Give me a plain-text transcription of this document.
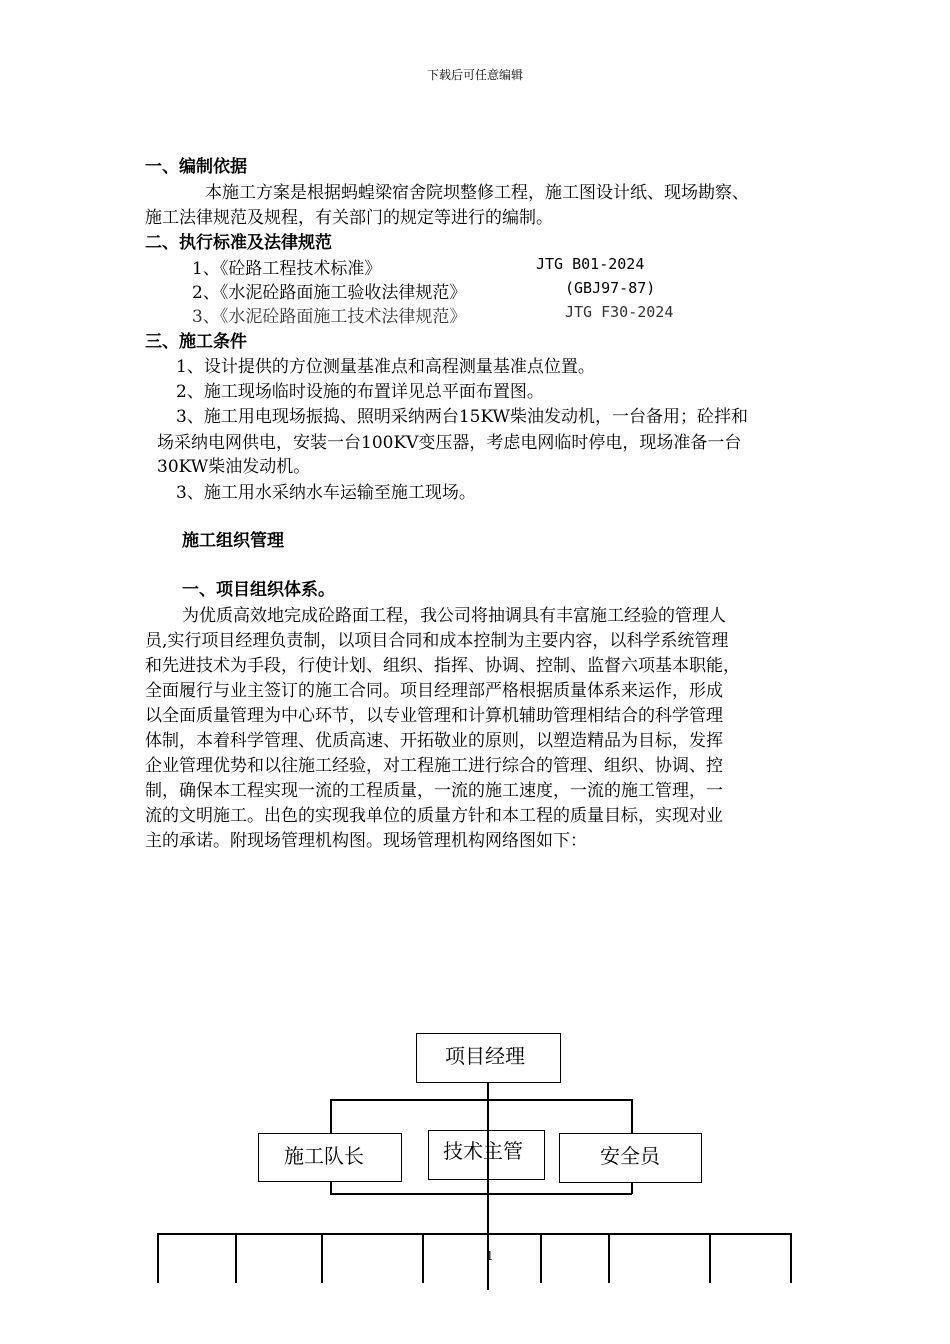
下载后可任意编辑
一、编制依据
本施工方案是根据蚂蝗梁宿舍院坝整修工程，施工图设计纸、现场勘察、
施工法律规范及规程，有关部门的规定等进行的编制。
二、执行标准及法律规范
1、《砼路工程技术标准》	JTG B01-2024
2、《水泥砼路面施工验收法律规范》	(GBJ97-87)
3、《水泥砼路面施工技术法律规范》	JTG F30-2024
三、施工条件
1、设计提供的方位测量基准点和高程测量基准点位置。
2、施工现场临时设施的布置详见总平面布置图。
3、施工用电现场振捣、照明采纳两台15KW柴油发动机，一台备用；砼拌和
场采纳电网供电，安装一台100KV变压器，考虑电网临时停电，现场准备一台
30KW柴油发动机。
3、施工用水采纳水车运输至施工现场。
施工组织管理
一、项目组织体系。
为优质高效地完成砼路面工程，我公司将抽调具有丰富施工经验的管理人
员,实行项目经理负责制，以项目合同和成本控制为主要内容，以科学系统管理
和先进技术为手段，行使计划、组织、指挥、协调、控制、监督六项基本职能，
全面履行与业主签订的施工合同。项目经理部严格根据质量体系来运作，形成
以全面质量管理为中心环节，以专业管理和计算机辅助管理相结合的科学管理
体制，本着科学管理、优质高速、开拓敬业的原则，以塑造精品为目标，发挥
企业管理优势和以往施工经验，对工程施工进行综合的管理、组织、协调、控
制，确保本工程实现一流的工程质量，一流的施工速度，一流的施工管理，一
流的文明施工。出色的实现我单位的质量方针和本工程的质量目标，实现对业
主的承诺。附现场管理机构图。现场管理机构网络图如下：
项目经理
施工队长	技术主管	安全员
1
